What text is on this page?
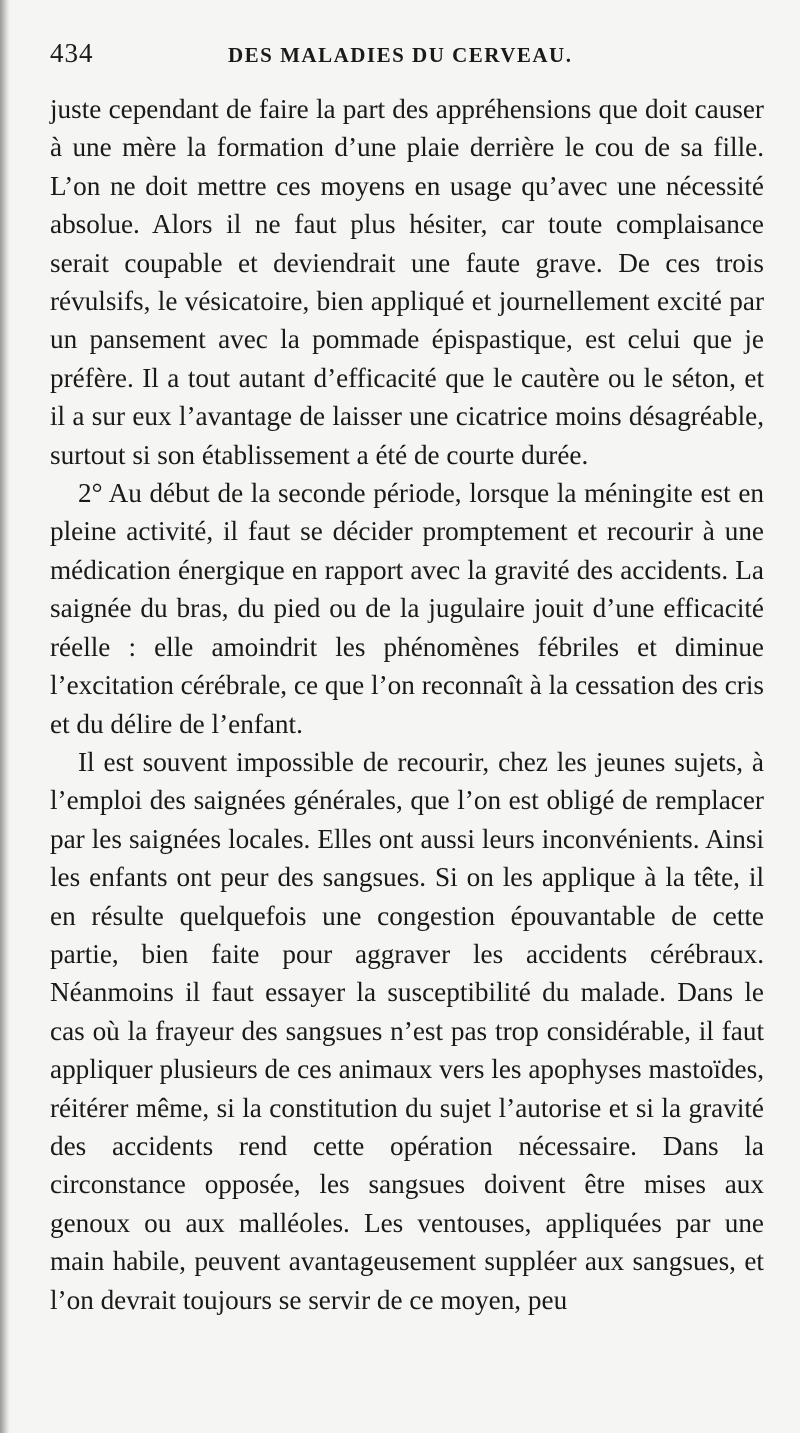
434	DES MALADIES DU CERVEAU.

juste cependant de faire la part des appréhensions que doit causer à une mère la formation d’une plaie derrière le cou de sa fille. L’on ne doit mettre ces moyens en usage qu’avec une nécessité absolue. Alors il ne faut plus hésiter, car toute complaisance serait coupable et deviendrait une faute grave. De ces trois révulsifs, le vésicatoire, bien appliqué et journellement excité par un pansement avec la pommade épispastique, est celui que je préfère. Il a tout autant d’efficacité que le cautère ou le séton, et il a sur eux l’avantage de laisser une cicatrice moins désagréable, surtout si son établissement a été de courte durée.

2° Au début de la seconde période, lorsque la méningite est en pleine activité, il faut se décider promptement et recourir à une médication énergique en rapport avec la gravité des accidents. La saignée du bras, du pied ou de la jugulaire jouit d’une efficacité réelle : elle amoindrit les phénomènes fébriles et diminue l’excitation cérébrale, ce que l’on reconnaît à la cessation des cris et du délire de l’enfant.

Il est souvent impossible de recourir, chez les jeunes sujets, à l’emploi des saignées générales, que l’on est obligé de remplacer par les saignées locales. Elles ont aussi leurs inconvénients. Ainsi les enfants ont peur des sangsues. Si on les applique à la tête, il en résulte quelquefois une congestion épouvantable de cette partie, bien faite pour aggraver les accidents cérébraux. Néanmoins il faut essayer la susceptibilité du malade. Dans le cas où la frayeur des sangsues n’est pas trop considérable, il faut appliquer plusieurs de ces animaux vers les apophyses mastoïdes, réitérer même, si la constitution du sujet l’autorise et si la gravité des accidents rend cette opération nécessaire. Dans la circonstance opposée, les sangsues doivent être mises aux genoux ou aux malléoles. Les ventouses, appliquées par une main habile, peuvent avantageusement suppléer aux sangsues, et l’on devrait toujours se servir de ce moyen, peu
